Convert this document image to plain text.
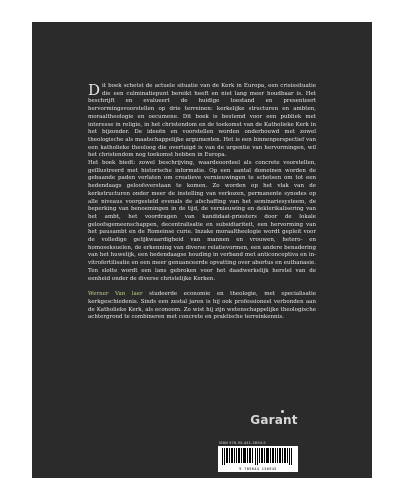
Dit boek schetst de actuele situatie van de Kerk in Europa, een crisissituatie die een culminatiepunt bereikt heeft en niet lang meer houdbaar is. Het beschrijft en evalueert de huidige toestand en presenteert hervormingsvoorstellen op drie terreinen: kerkelijke structuren en ambten, moraaltheologie en oecumene. Dit boek is bestemd voor een publiek met interesse in religie, in het christendom en de toekomst van de Katholieke Kerk in het bijzonder. De ideeën en voorstellen worden onderbouwd met zowel theologische als maatschappelijke argumenten. Het is een binnenperspectief van een katholieke theoloog die overtuigd is van de urgentie van hervormingen, wil het christendom nog toekomst hebben in Europa.

Het boek biedt: zowel beschrijving, waardeoordeel als concrete voorstellen, geïllustreerd met historische informatie. Op een aantal domeinen worden de gebaande paden verlaten om creatieve vernieuwingen te schetsen om tot een hedendaags geloofsverstaan te komen. Zo worden op het vlak van de kerkstructuren onder meer de instelling van verkozen, permanente synodes op alle niveaus voorgesteld evenals de afschaffing van het seminariesysteem, de beperking van benoemingen in de tijd, de vernieuwing en deklerikalisering van het ambt, het voordragen van kandidaat-priesters door de lokale geloofsgemeenschappen, decentralisatie en subsidiariteit, een hervorming van het pausambt en de Romeinse curie. Inzake moraaltheologie wordt gepleit voor de volledige gelijkwaardigheid van mannen en vrouwen, hetero- en homoseksuelen, de erkenning van diverse relatievormen, een andere benadering van het huwelijk, een hedendaagse houding in verband met anticonceptiva en in-vitrofertilisatie en een meer genuanceerde opvatting over abortus en euthanasie. Ten slotte wordt een lans gebroken voor het daadwerkelijk herstel van de eenheid onder de diverse christelijke Kerken.

Werner Van laer studeerde economie en theologie, met specialisatie kerkgeschiedenis. Sinds een zestal jaren is hij ook professioneel verbonden aan de Katholieke Kerk, als econoom. Zo wist hij zijn wetenschappelijke theologische achtergrond te combineren met concrete en praktische terreinkennis.

Garant
ISBN 978-90-441-3694-5
9 789044 136945
